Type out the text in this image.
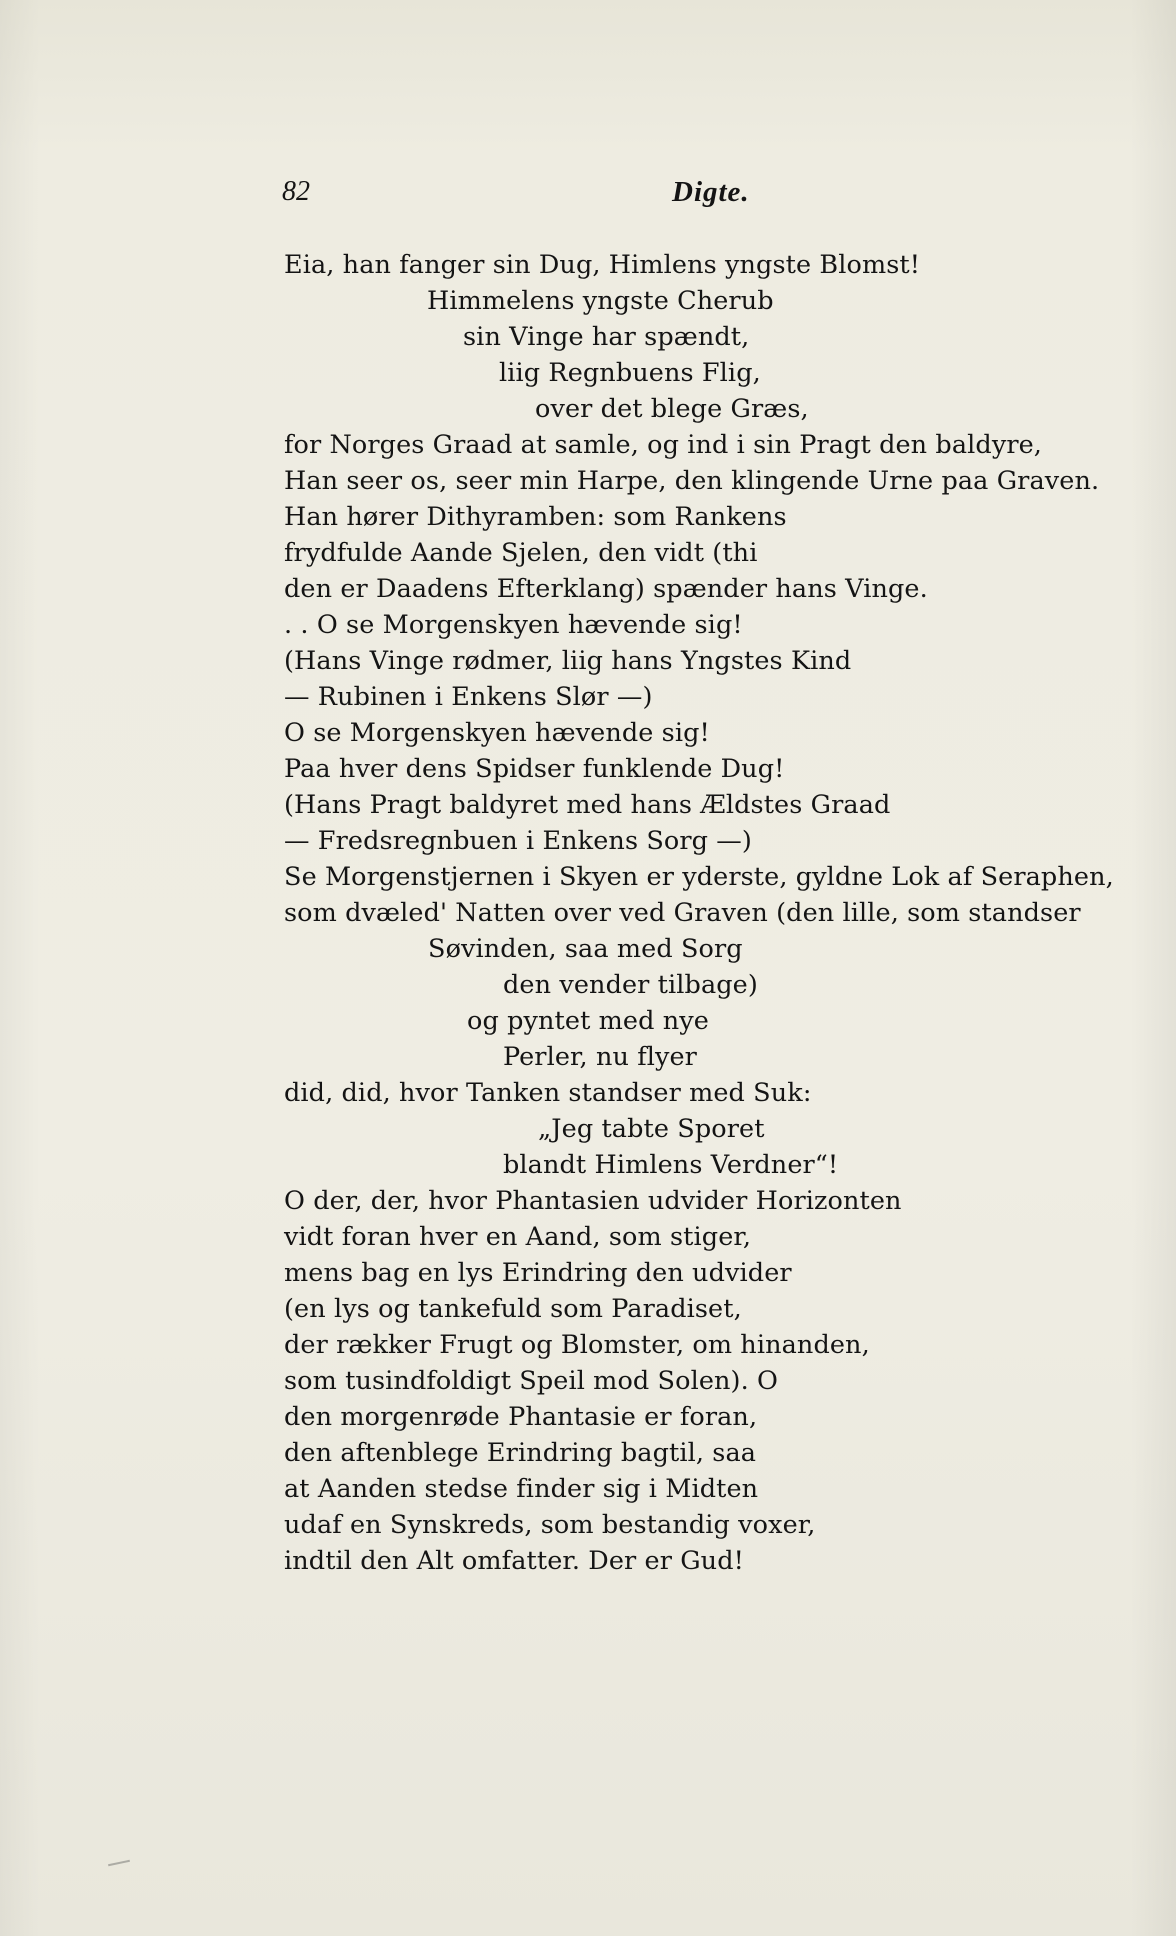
82	Digte.
Eia, han fanger sin Dug, Himlens yngste Blomst!
Himmelens yngste Cherub
sin Vinge har spændt,
liig Regnbuens Flig,
over det blege Græs,
for Norges Graad at samle, og ind i sin Pragt den baldyre,
Han seer os, seer min Harpe, den klingende Urne paa Graven.
Han hører Dithyramben: som Rankens
frydfulde Aande Sjelen, den vidt (thi
den er Daadens Efterklang) spænder hans Vinge.
. . O se Morgenskyen hævende sig!
(Hans Vinge rødmer, liig hans Yngstes Kind
— Rubinen i Enkens Slør —)
O se Morgenskyen hævende sig!
Paa hver dens Spidser funklende Dug!
(Hans Pragt baldyret med hans Ældstes Graad
— Fredsregnbuen i Enkens Sorg —)
Se Morgenstjernen i Skyen er yderste, gyldne Lok af Seraphen,
som dvæled' Natten over ved Graven (den lille, som standser
Søvinden, saa med Sorg
den vender tilbage)
og pyntet med nye
Perler, nu flyer
did, did, hvor Tanken standser med Suk:
„Jeg tabte Sporet
blandt Himlens Verdner“!
O der, der, hvor Phantasien udvider Horizonten
vidt foran hver en Aand, som stiger,
mens bag en lys Erindring den udvider
(en lys og tankefuld som Paradiset,
der rækker Frugt og Blomster, om hinanden,
som tusindfoldigt Speil mod Solen). O
den morgenrøde Phantasie er foran,
den aftenblege Erindring bagtil, saa
at Aanden stedse finder sig i Midten
udaf en Synskreds, som bestandig voxer,
indtil den Alt omfatter. Der er Gud!
